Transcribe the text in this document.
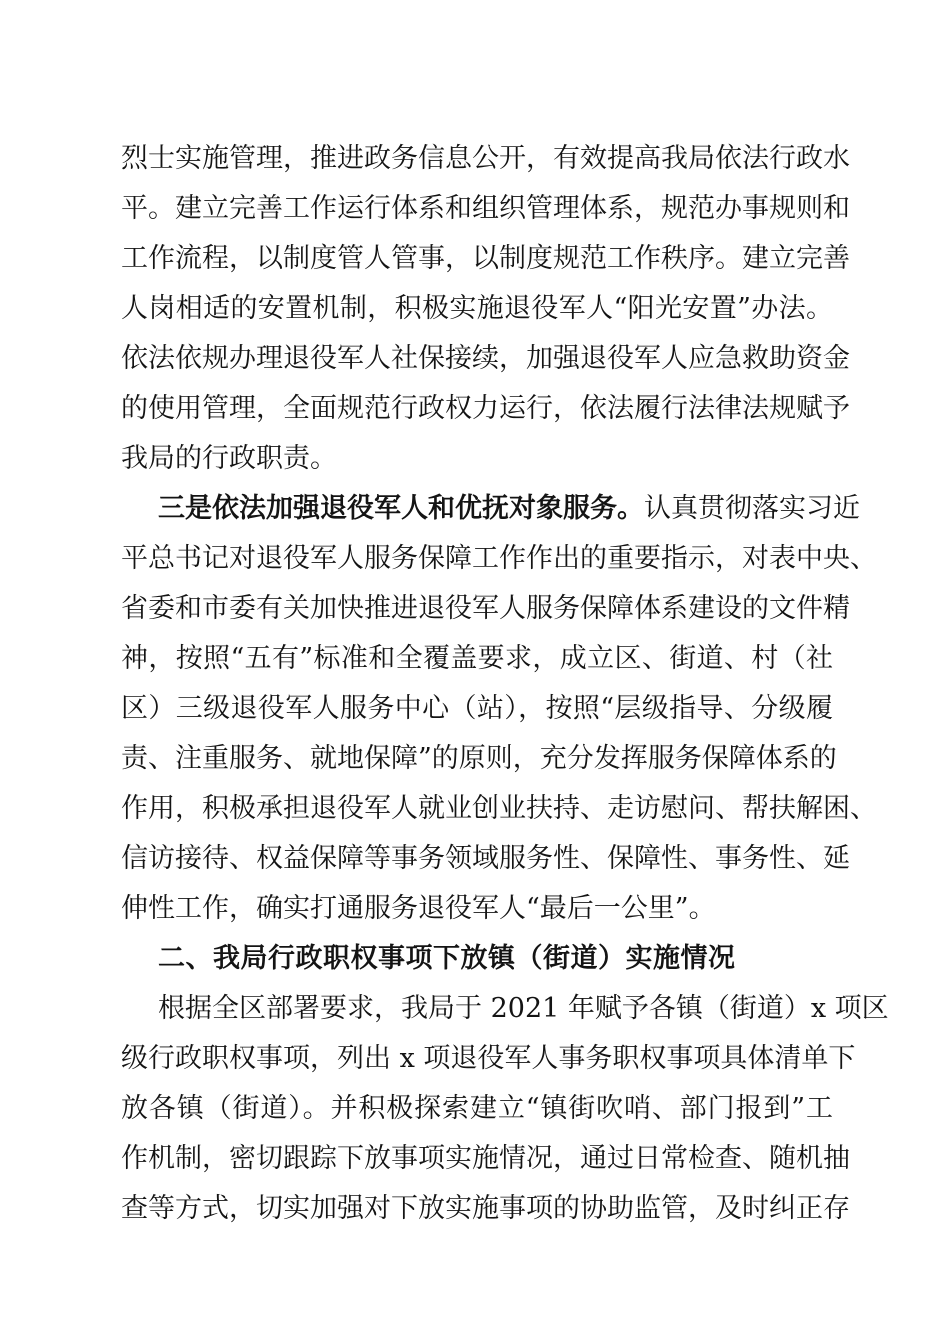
烈士实施管理，推进政务信息公开，有效提高我局依法行政水
平。建立完善工作运行体系和组织管理体系，规范办事规则和
工作流程，以制度管人管事，以制度规范工作秩序。建立完善
人岗相适的安置机制，积极实施退役军人“阳光安置”办法。
依法依规办理退役军人社保接续，加强退役军人应急救助资金
的使用管理，全面规范行政权力运行，依法履行法律法规赋予
我局的行政职责。
三是依法加强退役军人和优抚对象服务。认真贯彻落实习近
平总书记对退役军人服务保障工作作出的重要指示，对表中央、
省委和市委有关加快推进退役军人服务保障体系建设的文件精
神，按照“五有”标准和全覆盖要求，成立区、街道、村（社
区）三级退役军人服务中心（站），按照“层级指导、分级履
责、注重服务、就地保障”的原则，充分发挥服务保障体系的
作用，积极承担退役军人就业创业扶持、走访慰问、帮扶解困、
信访接待、权益保障等事务领域服务性、保障性、事务性、延
伸性工作，确实打通服务退役军人“最后一公里”。
二、我局行政职权事项下放镇（街道）实施情况
根据全区部署要求，我局于 2021 年赋予各镇（街道）x 项区
级行政职权事项，列出 x 项退役军人事务职权事项具体清单下
放各镇（街道）。并积极探索建立“镇街吹哨、部门报到”工
作机制，密切跟踪下放事项实施情况，通过日常检查、随机抽
查等方式，切实加强对下放实施事项的协助监管，及时纠正存
